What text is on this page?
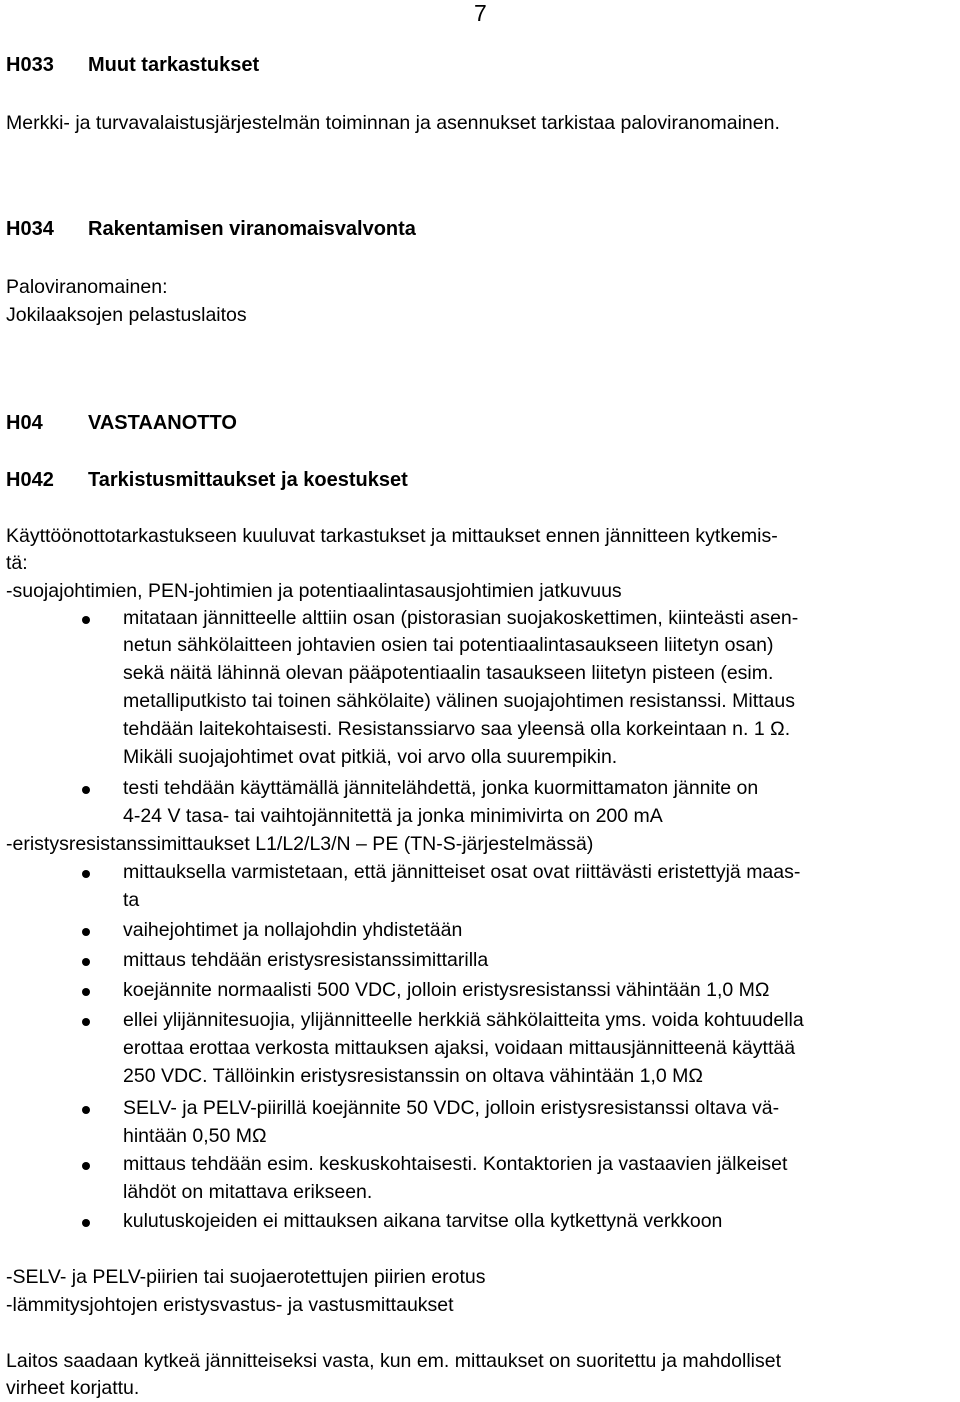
7
H033	Muut tarkastukset
Merkki- ja turvavalaistusjärjestelmän toiminnan ja asennukset tarkistaa paloviranomainen.
H034	Rakentamisen viranomaisvalvonta
Paloviranomainen:
Jokilaaksojen pelastuslaitos
H04	VASTAANOTTO
H042	Tarkistusmittaukset ja koestukset
Käyttöönottotarkastukseen kuuluvat tarkastukset ja mittaukset ennen jännitteen kytkemis-
tä:
-suojajohtimien, PEN-johtimien ja potentiaalintasausjohtimien jatkuvuus
mitataan jännitteelle alttiin osan (pistorasian suojakoskettimen, kiinteästi asen-
netun sähkölaitteen johtavien osien tai potentiaalintasaukseen liitetyn osan)
sekä näitä lähinnä olevan pääpotentiaalin tasaukseen liitetyn pisteen (esim.
metalliputkisto tai toinen sähkölaite) välinen suojajohtimen resistanssi. Mittaus
tehdään laitekohtaisesti. Resistanssiarvo saa yleensä olla korkeintaan n. 1 Ω.
Mikäli suojajohtimet ovat pitkiä, voi arvo olla suurempikin.
testi tehdään käyttämällä jännitelähdettä, jonka kuormittamaton jännite on
4-24 V tasa- tai vaihtojännitettä ja jonka minimivirta on 200 mA
-eristysresistanssimittaukset L1/L2/L3/N – PE (TN-S-järjestelmässä)
mittauksella varmistetaan, että jännitteiset osat ovat riittävästi eristettyjä maas-
ta
vaihejohtimet ja nollajohdin yhdistetään
mittaus tehdään eristysresistanssimittarilla
koejännite normaalisti 500 VDC, jolloin eristysresistanssi vähintään 1,0 MΩ
ellei ylijännitesuojia, ylijännitteelle herkkiä sähkölaitteita yms. voida kohtuudella
erottaa erottaa verkosta mittauksen ajaksi, voidaan mittausjännitteenä käyttää
250 VDC. Tällöinkin eristysresistanssin on oltava vähintään 1,0 MΩ
SELV- ja PELV-piirillä koejännite 50 VDC, jolloin eristysresistanssi oltava vä-
hintään 0,50 MΩ
mittaus tehdään esim. keskuskohtaisesti. Kontaktorien ja vastaavien jälkeiset
lähdöt on mitattava erikseen.
kulutuskojeiden ei mittauksen aikana tarvitse olla kytkettynä verkkoon
-SELV- ja PELV-piirien tai suojaerotettujen piirien erotus
-lämmitysjohtojen eristysvastus- ja vastusmittaukset
Laitos saadaan kytkeä jännitteiseksi vasta, kun em. mittaukset on suoritettu ja mahdolliset
virheet korjattu.
